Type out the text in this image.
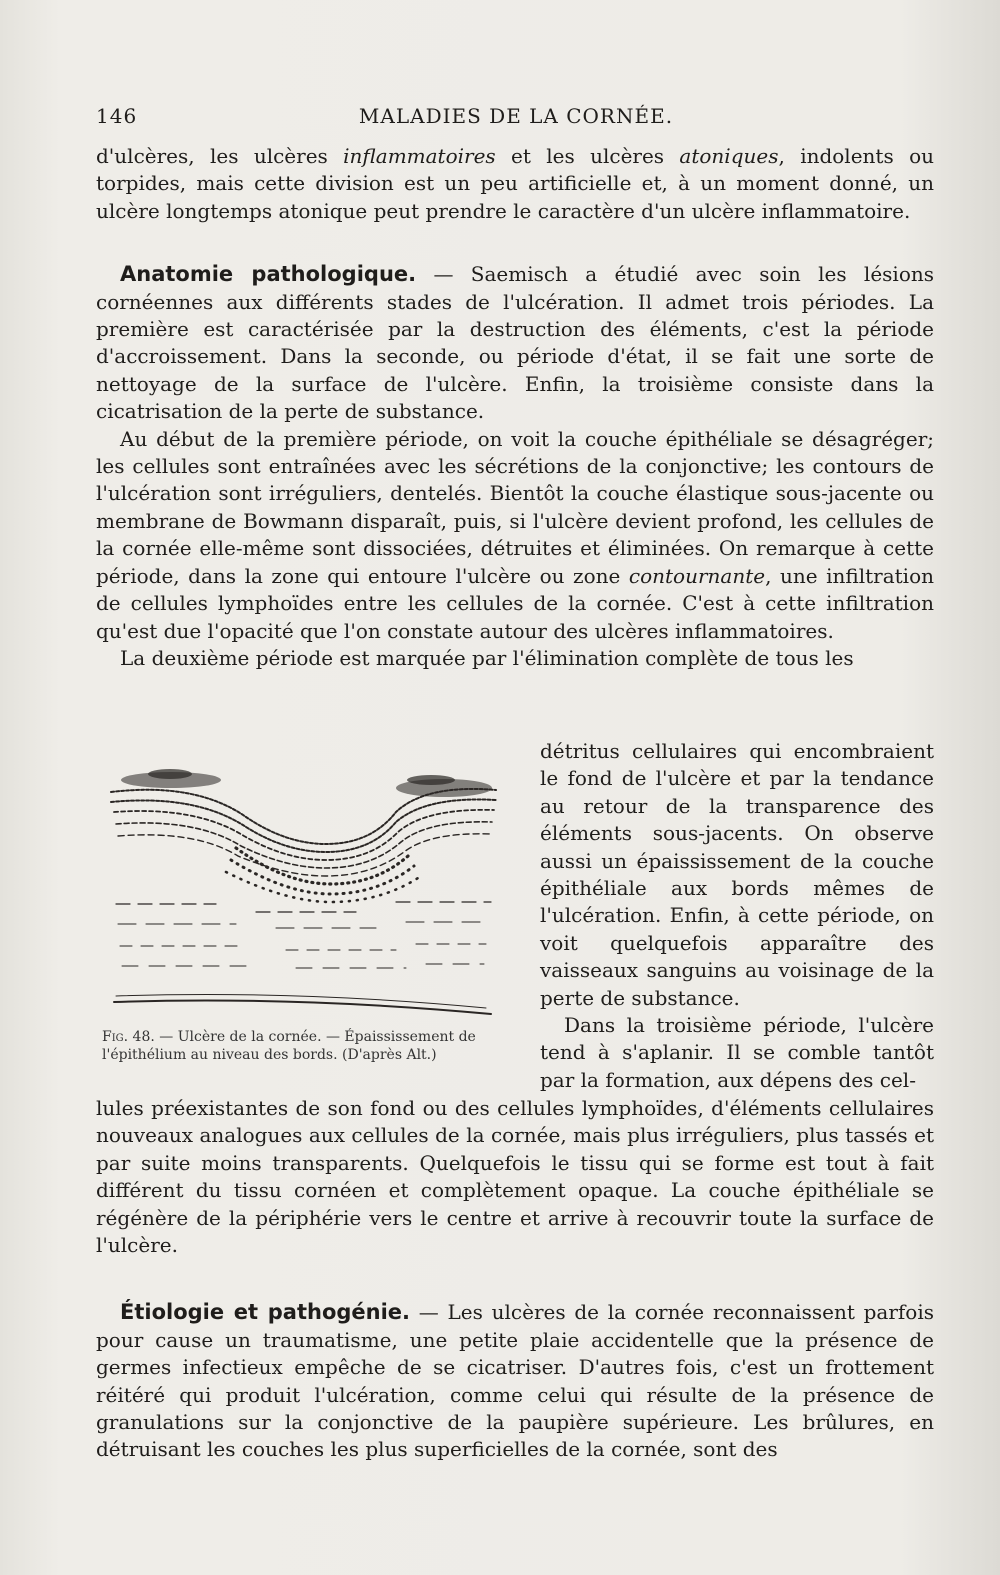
146	MALADIES DE LA CORNÉE.

d'ulcères, les ulcères inflammatoires et les ulcères atoniques, indolents ou torpides, mais cette division est un peu artificielle et, à un moment donné, un ulcère longtemps atonique peut prendre le caractère d'un ulcère inflammatoire.

Anatomie pathologique. — Saemisch a étudié avec soin les lésions cornéennes aux différents stades de l'ulcération. Il admet trois périodes. La première est caractérisée par la destruction des éléments, c'est la période d'accroissement. Dans la seconde, ou période d'état, il se fait une sorte de nettoyage de la surface de l'ulcère. Enfin, la troisième consiste dans la cicatrisation de la perte de substance.

Au début de la première période, on voit la couche épithéliale se désagréger; les cellules sont entraînées avec les sécrétions de la conjonctive; les contours de l'ulcération sont irréguliers, dentelés. Bientôt la couche élastique sous-jacente ou membrane de Bowmann disparaît, puis, si l'ulcère devient profond, les cellules de la cornée elle-même sont dissociées, détruites et éliminées. On remarque à cette période, dans la zone qui entoure l'ulcère ou zone contournante, une infiltration de cellules lymphoïdes entre les cellules de la cornée. C'est à cette infiltration qu'est due l'opacité que l'on constate autour des ulcères inflammatoires.

La deuxième période est marquée par l'élimination complète de tous les

Fig. 48. — Ulcère de la cornée. — Épaississement de l'épithélium au niveau des bords. (D'après Alt.)

détritus cellulaires qui encombraient le fond de l'ulcère et par la tendance au retour de la transparence des éléments sous-jacents. On observe aussi un épaississement de la couche épithéliale aux bords mêmes de l'ulcération. Enfin, à cette période, on voit quelquefois apparaître des vaisseaux sanguins au voisinage de la perte de substance.

Dans la troisième période, l'ulcère tend à s'aplanir. Il se comble tantôt par la formation, aux dépens des cel-

lules préexistantes de son fond ou des cellules lymphoïdes, d'éléments cellulaires nouveaux analogues aux cellules de la cornée, mais plus irréguliers, plus tassés et par suite moins transparents. Quelquefois le tissu qui se forme est tout à fait différent du tissu cornéen et complètement opaque. La couche épithéliale se régénère de la périphérie vers le centre et arrive à recouvrir toute la surface de l'ulcère.

Étiologie et pathogénie. — Les ulcères de la cornée reconnaissent parfois pour cause un traumatisme, une petite plaie accidentelle que la présence de germes infectieux empêche de se cicatriser. D'autres fois, c'est un frottement réitéré qui produit l'ulcération, comme celui qui résulte de la présence de granulations sur la conjonctive de la paupière supérieure. Les brûlures, en détruisant les couches les plus superficielles de la cornée, sont des
